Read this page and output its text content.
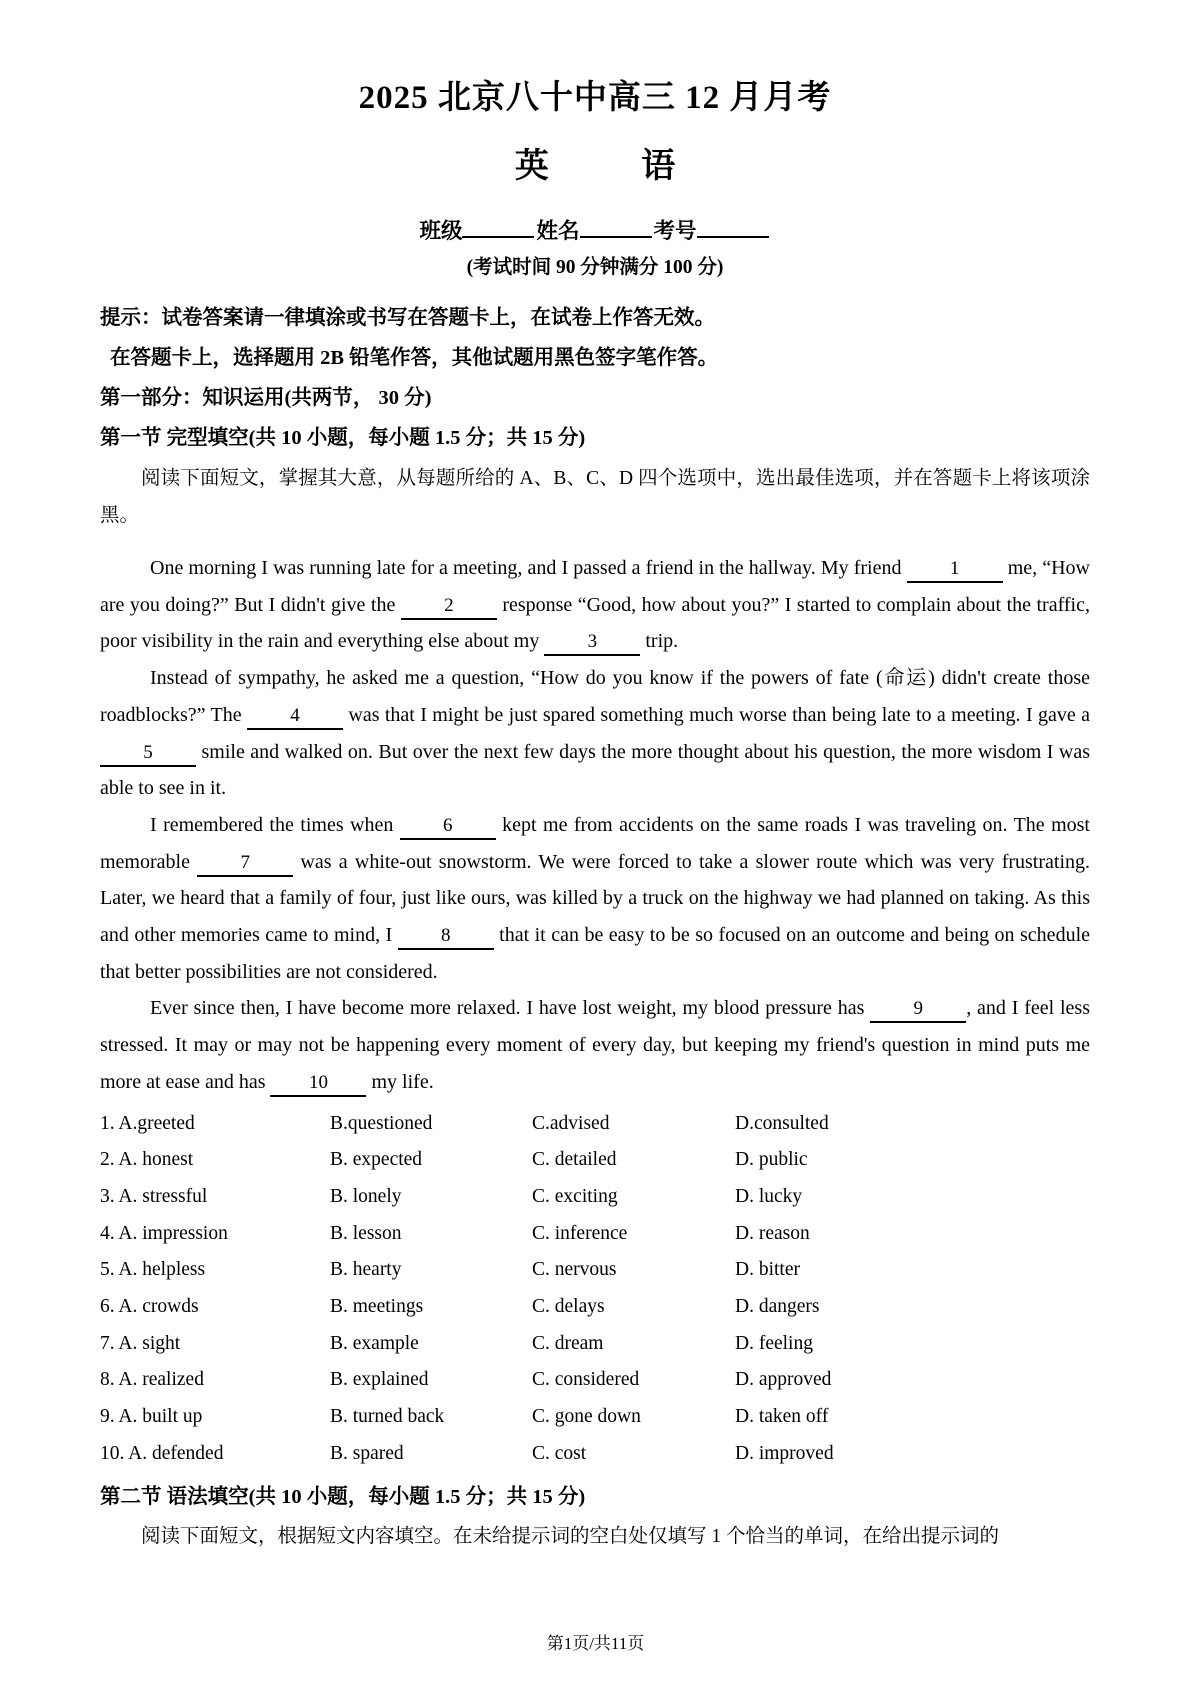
2025 北京八十中高三 12 月月考
英 语
班级	姓名	考号
(考试时间 90 分钟满分 100 分)
提示：试卷答案请一律填涂或书写在答题卡上，在试卷上作答无效。
在答题卡上，选择题用 2B 铅笔作答，其他试题用黑色签字笔作答。
第一部分：知识运用(共两节， 30 分)
第一节 完型填空(共 10 小题，每小题 1.5 分；共 15 分)
阅读下面短文，掌握其大意，从每题所给的 A、B、C、D 四个选项中，选出最佳选项，并在答题卡上将该项涂黑。

One morning I was running late for a meeting, and I passed a friend in the hallway. My friend 1 me, “How are you doing?” But I didn't give the 2 response “Good, how about you?” I started to complain about the traffic, poor visibility in the rain and everything else about my 3 trip.

Instead of sympathy, he asked me a question, “How do you know if the powers of fate (命运) didn't create those roadblocks?” The 4 was that I might be just spared something much worse than being late to a meeting. I gave a 5 smile and walked on. But over the next few days the more thought about his question, the more wisdom I was able to see in it.

I remembered the times when 6 kept me from accidents on the same roads I was traveling on. The most memorable 7 was a white-out snowstorm. We were forced to take a slower route which was very frustrating. Later, we heard that a family of four, just like ours, was killed by a truck on the highway we had planned on taking. As this and other memories came to mind, I 8 that it can be easy to be so focused on an outcome and being on schedule that better possibilities are not considered.

Ever since then, I have become more relaxed. I have lost weight, my blood pressure has 9 , and I feel less stressed. It may or may not be happening every moment of every day, but keeping my friend's question in mind puts me more at ease and has 10 my life.

1. A.greeted	B.questioned	C.advised	D.consulted
2. A. honest	B. expected	C. detailed	D. public
3. A. stressful	B. lonely	C. exciting	D. lucky
4. A. impression	B. lesson	C. inference	D. reason
5. A. helpless	B. hearty	C. nervous	D. bitter
6. A. crowds	B. meetings	C. delays	D. dangers
7. A. sight	B. example	C. dream	D. feeling
8. A. realized	B. explained	C. considered	D. approved
9. A. built up	B. turned back	C. gone down	D. taken off
10. A. defended	B. spared	C. cost	D. improved
第二节 语法填空(共 10 小题，每小题 1.5 分；共 15 分)
阅读下面短文，根据短文内容填空。在未给提示词的空白处仅填写 1 个恰当的单词，在给出提示词的
第1页/共11页
